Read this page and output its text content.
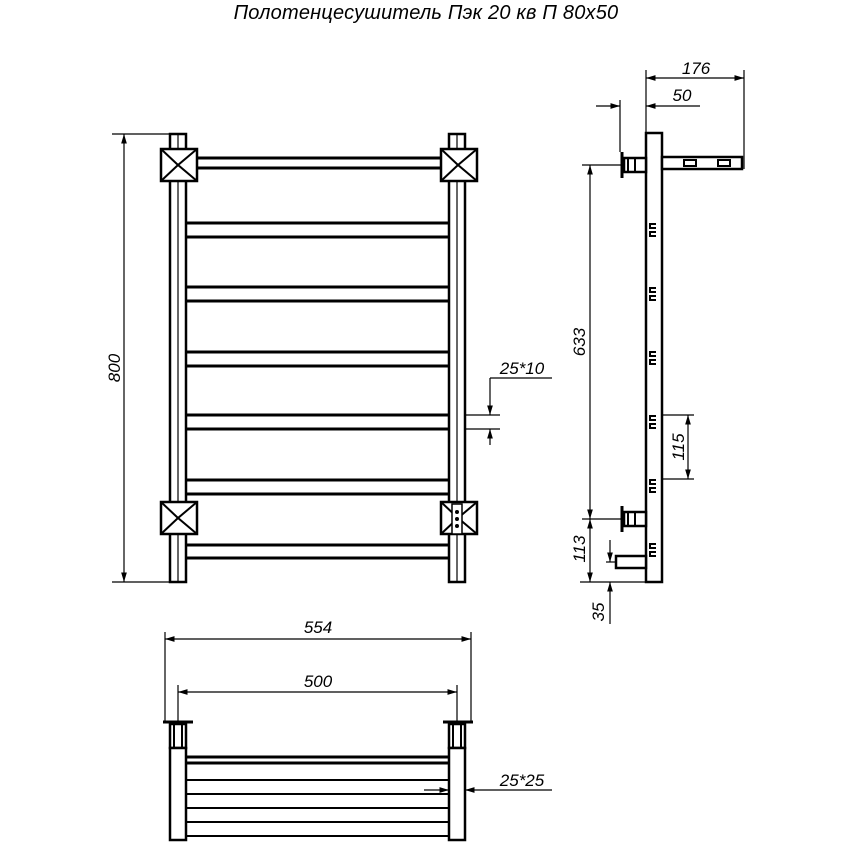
Полотенцесушитель Пэк 20 кв П 80х50
800	25*10
176
50
633
115
113
35
554
500
25*25
